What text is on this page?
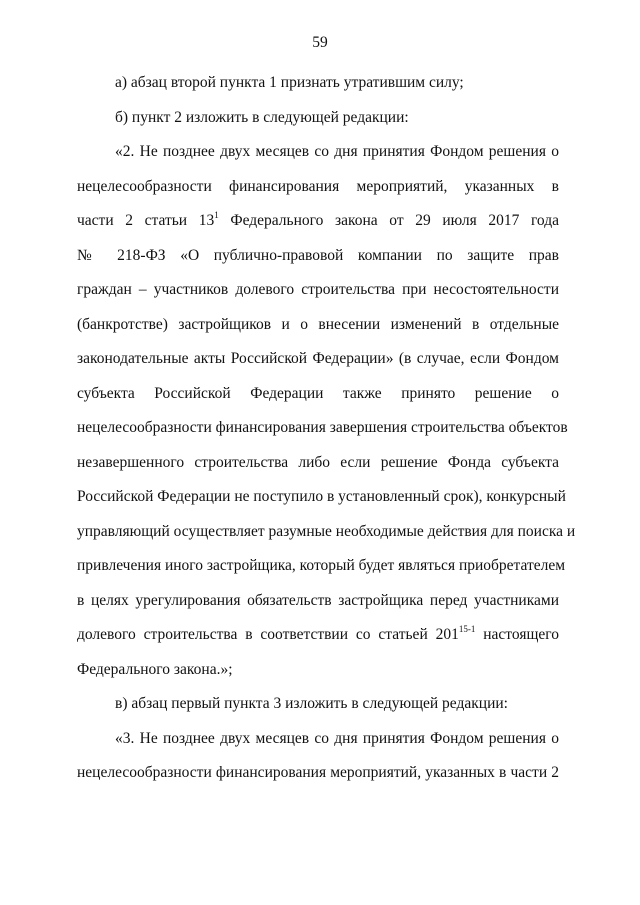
59
а) абзац второй пункта 1 признать утратившим силу;
б) пункт 2 изложить в следующей редакции:
«2. Не позднее двух месяцев со дня принятия Фондом решения о
нецелесообразности финансирования мероприятий, указанных в
части 2 статьи $13^1$ Федерального закона от 29 июля 2017 года
№ 218-ФЗ «О публично-правовой компании по защите прав
граждан – участников долевого строительства при несостоятельности
(банкротстве) застройщиков и о внесении изменений в отдельные
законодательные акты Российской Федерации» (в случае, если Фондом
субъекта Российской Федерации также принято решение о
нецелесообразности финансирования завершения строительства объектов
незавершенного строительства либо если решение Фонда субъекта
Российской Федерации не поступило в установленный срок), конкурсный
управляющий осуществляет разумные необходимые действия для поиска и
привлечения иного застройщика, который будет являться приобретателем
в целях урегулирования обязательств застройщика перед участниками
долевого строительства в соответствии со статьей 201$^{15-1}$ настоящего
Федерального закона.»;
в) абзац первый пункта 3 изложить в следующей редакции:
«3. Не позднее двух месяцев со дня принятия Фондом решения о
нецелесообразности финансирования мероприятий, указанных в части 2
